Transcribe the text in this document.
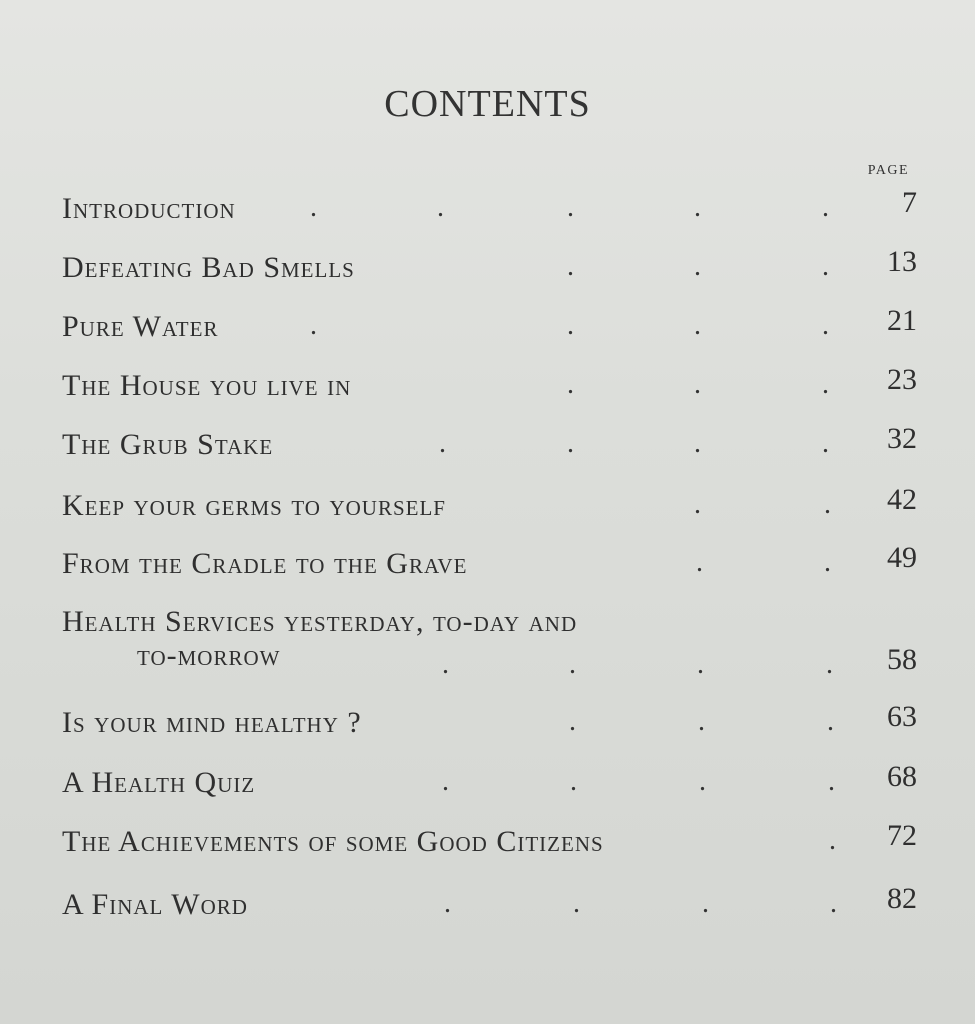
CONTENTS
PAGE
Introduction	.	.	.	.	. 7
Defeating Bad Smells	.	.	. 13
Pure Water	.	.	.	. 21
The House you live in	.	.	. 23
The Grub Stake	.	.	.	. 32
Keep your germs to yourself	.	. 42
From the Cradle to the Grave	.	. 49
Health Services yesterday, to-day and
to-morrow	.	.	.	. 58
Is your mind healthy ?	.	.	. 63
A Health Quiz	.	.	.	. 68
The Achievements of some Good Citizens	. 72
A Final Word	.	.	.	. 82
